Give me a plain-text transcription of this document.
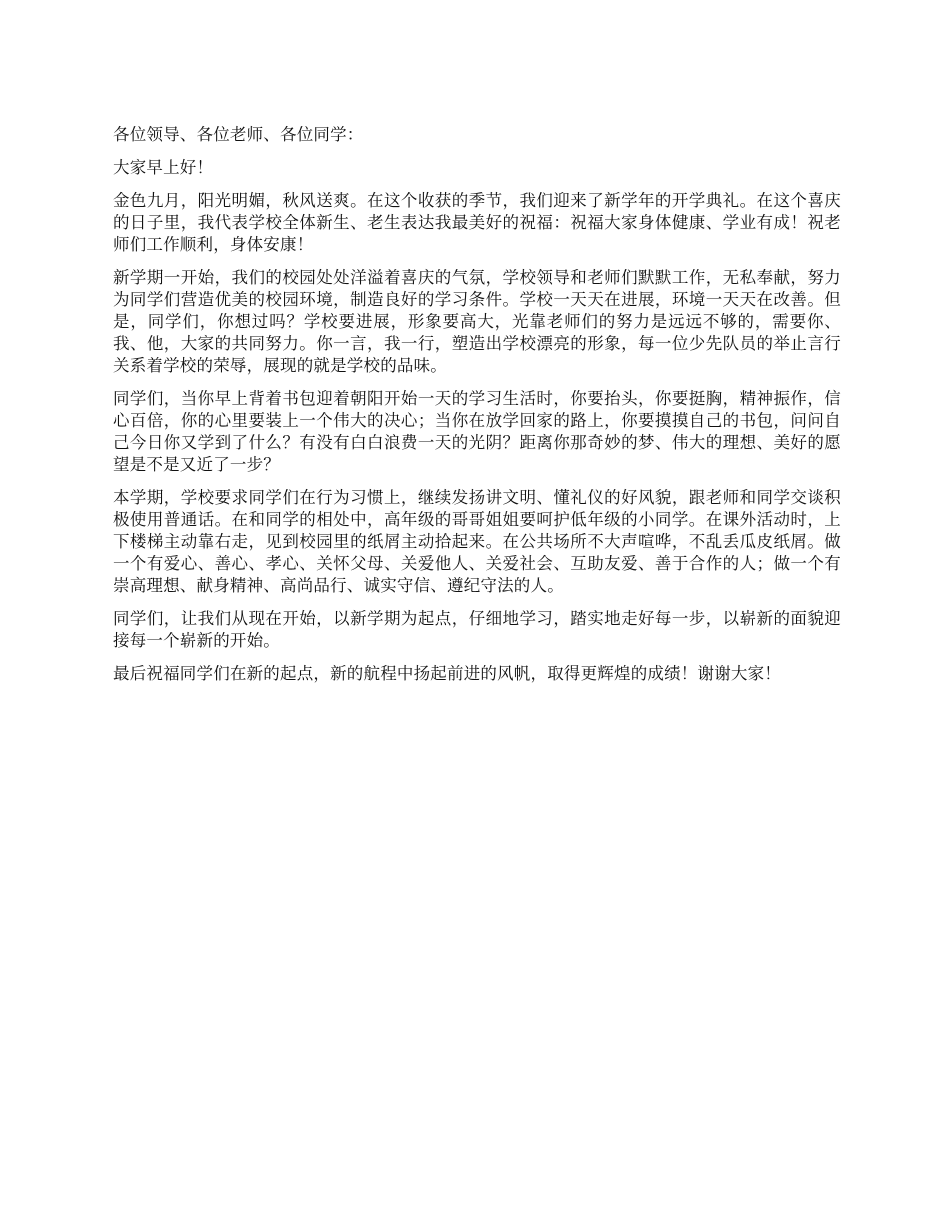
各位领导、各位老师、各位同学：

大家早上好！

金色九月，阳光明媚，秋风送爽。在这个收获的季节，我们迎来了新学年的开学典礼。在这个喜庆的日子里，我代表学校全体新生、老生表达我最美好的祝福：祝福大家身体健康、学业有成！祝老师们工作顺利，身体安康！

新学期一开始，我们的校园处处洋溢着喜庆的气氛，学校领导和老师们默默工作，无私奉献，努力为同学们营造优美的校园环境，制造良好的学习条件。学校一天天在进展，环境一天天在改善。但是，同学们，你想过吗？学校要进展，形象要高大，光靠老师们的努力是远远不够的，需要你、我、他，大家的共同努力。你一言，我一行，塑造出学校漂亮的形象，每一位少先队员的举止言行关系着学校的荣辱，展现的就是学校的品味。

同学们，当你早上背着书包迎着朝阳开始一天的学习生活时，你要抬头，你要挺胸，精神振作，信心百倍，你的心里要装上一个伟大的决心；当你在放学回家的路上，你要摸摸自己的书包，问问自己今日你又学到了什么？有没有白白浪费一天的光阴？距离你那奇妙的梦、伟大的理想、美好的愿望是不是又近了一步？

本学期，学校要求同学们在行为习惯上，继续发扬讲文明、懂礼仪的好风貌，跟老师和同学交谈积极使用普通话。在和同学的相处中，高年级的哥哥姐姐要呵护低年级的小同学。在课外活动时，上下楼梯主动靠右走，见到校园里的纸屑主动拾起来。在公共场所不大声喧哗，不乱丢瓜皮纸屑。做一个有爱心、善心、孝心、关怀父母、关爱他人、关爱社会、互助友爱、善于合作的人；做一个有崇高理想、献身精神、高尚品行、诚实守信、遵纪守法的人。

同学们，让我们从现在开始，以新学期为起点，仔细地学习，踏实地走好每一步，以崭新的面貌迎接每一个崭新的开始。

最后祝福同学们在新的起点，新的航程中扬起前进的风帆，取得更辉煌的成绩！谢谢大家！
